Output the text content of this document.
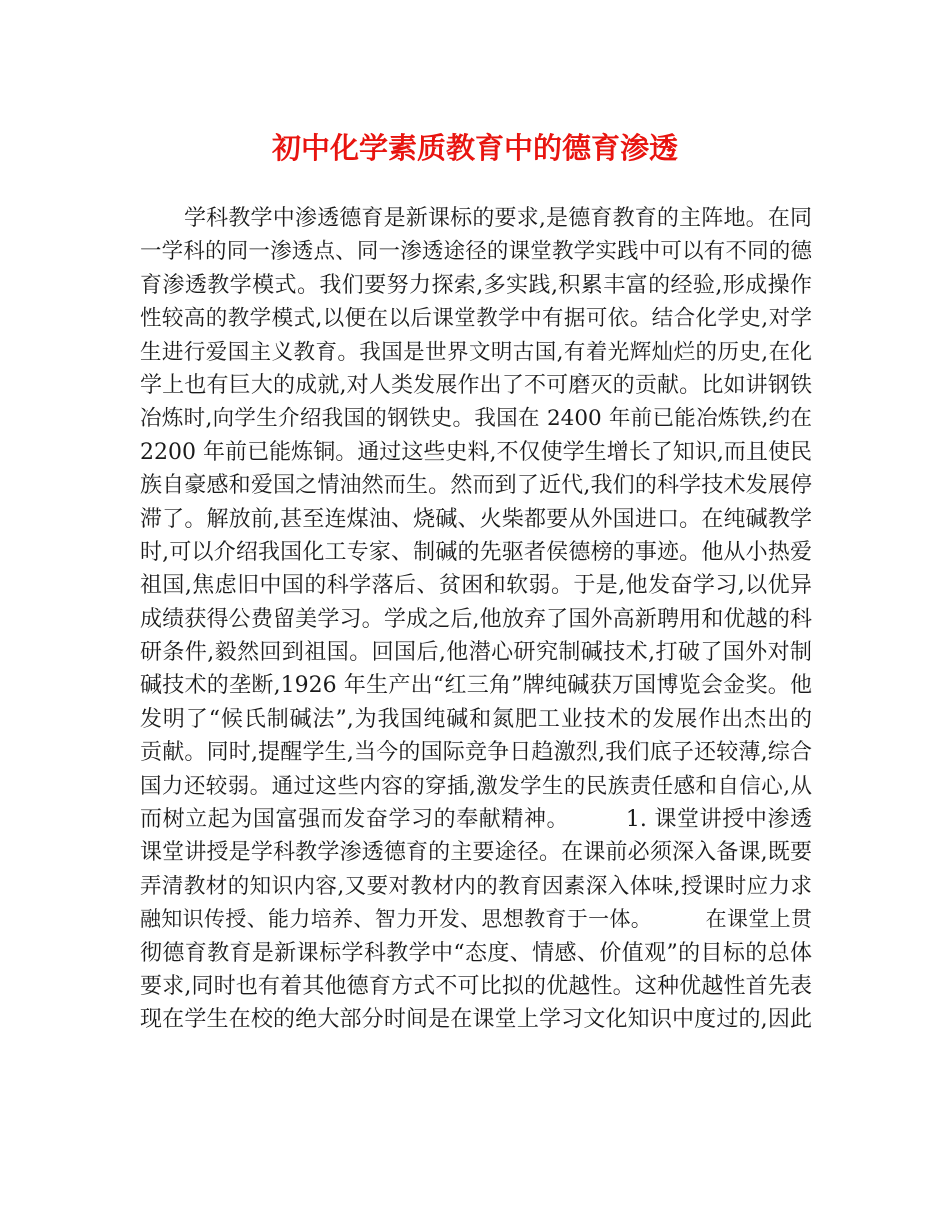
初中化学素质教育中的德育渗透
学科教学中渗透德育是新课标的要求,是德育教育的主阵地。在同
一学科的同一渗透点、同一渗透途径的课堂教学实践中可以有不同的德
育渗透教学模式。我们要努力探索,多实践,积累丰富的经验,形成操作
性较高的教学模式,以便在以后课堂教学中有据可依。结合化学史,对学
生进行爱国主义教育。我国是世界文明古国,有着光辉灿烂的历史,在化
学上也有巨大的成就,对人类发展作出了不可磨灭的贡献。比如讲钢铁
冶炼时,向学生介绍我国的钢铁史。我国在 2400 年前已能冶炼铁,约在
2200 年前已能炼铜。通过这些史料,不仅使学生增长了知识,而且使民
族自豪感和爱国之情油然而生。然而到了近代,我们的科学技术发展停
滞了。解放前,甚至连煤油、烧碱、火柴都要从外国进口。在纯碱教学
时,可以介绍我国化工专家、制碱的先驱者侯德榜的事迹。他从小热爱
祖国,焦虑旧中国的科学落后、贫困和软弱。于是,他发奋学习,以优异
成绩获得公费留美学习。学成之后,他放弃了国外高新聘用和优越的科
研条件,毅然回到祖国。回国后,他潜心研究制碱技术,打破了国外对制
碱技术的垄断,1926 年生产出“红三角”牌纯碱获万国博览会金奖。他
发明了“候氏制碱法”,为我国纯碱和氮肥工业技术的发展作出杰出的
贡献。同时,提醒学生,当今的国际竞争日趋激烈,我们底子还较薄,综合
国力还较弱。通过这些内容的穿插,激发学生的民族责任感和自信心,从
而树立起为国富强而发奋学习的奉献精神。　　　1. 课堂讲授中渗透
课堂讲授是学科教学渗透德育的主要途径。在课前必须深入备课,既要
弄清教材的知识内容,又要对教材内的教育因素深入体味,授课时应力求
融知识传授、能力培养、智力开发、思想教育于一体。　　　在课堂上贯
彻德育教育是新课标学科教学中“态度、情感、价值观”的目标的总体
要求,同时也有着其他德育方式不可比拟的优越性。这种优越性首先表
现在学生在校的绝大部分时间是在课堂上学习文化知识中度过的,因此
